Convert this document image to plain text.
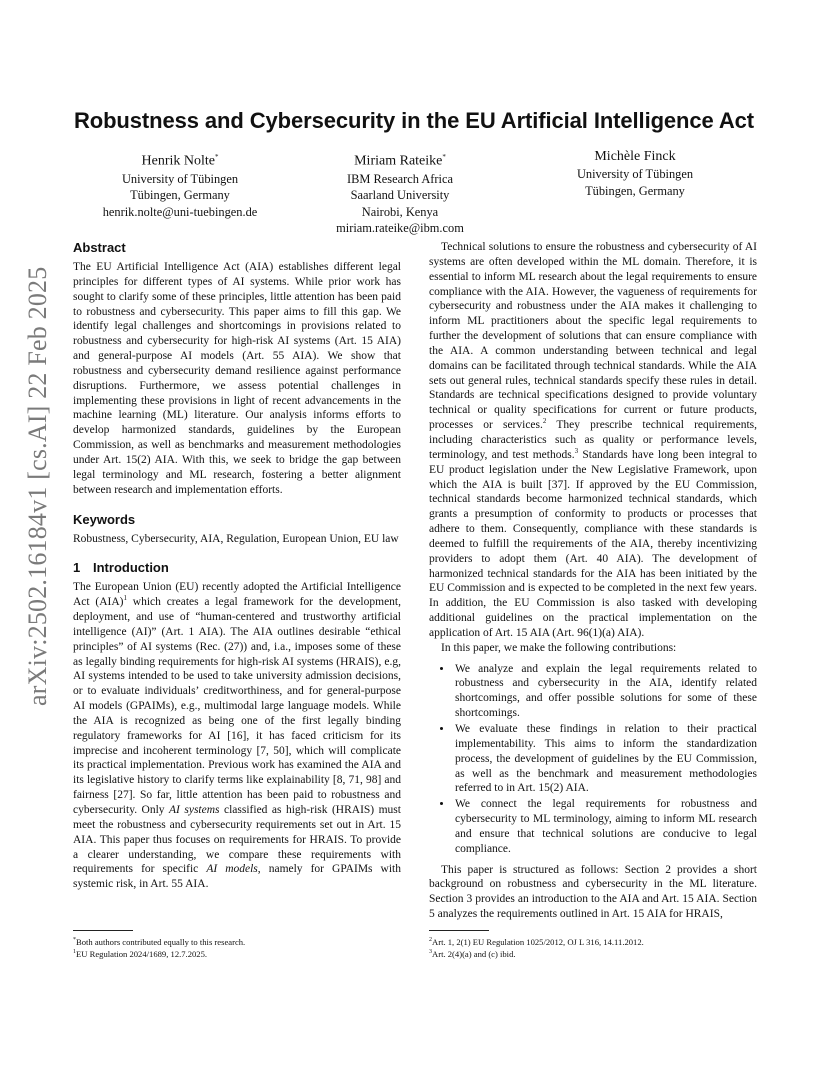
arXiv:2502.16184v1 [cs.AI] 22 Feb 2025
Robustness and Cybersecurity in the EU Artificial Intelligence Act
Henrik Nolte*
University of Tübingen
Tübingen, Germany
henrik.nolte@uni-tuebingen.de
Miriam Rateike*
IBM Research Africa
Saarland University
Nairobi, Kenya
miriam.rateike@ibm.com
Michèle Finck
University of Tübingen
Tübingen, Germany
Abstract

The EU Artificial Intelligence Act (AIA) establishes different legal principles for different types of AI systems. While prior work has sought to clarify some of these principles, little attention has been paid to robustness and cybersecurity. This paper aims to fill this gap. We identify legal challenges and shortcomings in provisions related to robustness and cybersecurity for high-risk AI systems (Art. 15 AIA) and general-purpose AI models (Art. 55 AIA). We show that robustness and cybersecurity demand resilience against performance disruptions. Furthermore, we assess potential challenges in implementing these provisions in light of recent advancements in the machine learning (ML) literature. Our analysis informs efforts to develop harmonized standards, guidelines by the European Commission, as well as benchmarks and measurement methodologies under Art. 15(2) AIA. With this, we seek to bridge the gap between legal terminology and ML research, fostering a better alignment between research and implementation efforts.

Keywords

Robustness, Cybersecurity, AIA, Regulation, European Union, EU law

1 Introduction

The European Union (EU) recently adopted the Artificial Intelligence Act (AIA)$^1$ which creates a legal framework for the development, deployment, and use of “human-centered and trustworthy artificial intelligence (AI)” (Art. 1 AIA). The AIA outlines desirable “ethical principles” of AI systems (Rec. (27)) and, i.a., imposes some of these as legally binding requirements for high-risk AI systems (HRAIS), e.g, AI systems intended to be used to take university admission decisions, or to evaluate individuals’ creditworthiness, and for general-purpose AI models (GPAIMs), e.g., multimodal large language models. While the AIA is recognized as being one of the first legally binding regulatory frameworks for AI [16], it has faced criticism for its imprecise and incoherent terminology [7, 50], which will complicate its practical implementation. Previous work has examined the AIA and its legislative history to clarify terms like explainability [8, 71, 98] and fairness [27]. So far, little attention has been paid to robustness and cybersecurity. Only AI systems classified as high-risk (HRAIS) must meet the robustness and cybersecurity requirements set out in Art. 15 AIA. This paper thus focuses on requirements for HRAIS. To provide a clearer understanding, we compare these requirements with requirements for specific AI models, namely for GPAIMs with systemic risk, in Art. 55 AIA.

Technical solutions to ensure the robustness and cybersecurity of AI systems are often developed within the ML domain. Therefore, it is essential to inform ML research about the legal requirements to ensure compliance with the AIA. However, the vagueness of requirements for cybersecurity and robustness under the AIA makes it challenging to inform ML practitioners about the specific legal requirements to further the development of solutions that can ensure compliance with the AIA. A common understanding between technical and legal domains can be facilitated through technical standards. While the AIA sets out general rules, technical standards specify these rules in detail. Standards are technical specifications designed to provide voluntary technical or quality specifications for current or future products, processes or services.$^2$ They prescribe technical requirements, including characteristics such as quality or performance levels, terminology, and test methods.$^3$ Standards have long been integral to EU product legislation under the New Legislative Framework, upon which the AIA is built [37]. If approved by the EU Commission, technical standards become harmonized technical standards, which grants a presumption of conformity to products or processes that adhere to them. Consequently, compliance with these standards is deemed to fulfill the requirements of the AIA, thereby incentivizing providers to adopt them (Art. 40 AIA). The development of harmonized technical standards for the AIA has been initiated by the EU Commission and is expected to be completed in the next few years. In addition, the EU Commission is also tasked with developing additional guidelines on the practical implementation on the application of Art. 15 AIA (Art. 96(1)(a) AIA).

In this paper, we make the following contributions:

• We analyze and explain the legal requirements related to robustness and cybersecurity in the AIA, identify related shortcomings, and offer possible solutions for some of these shortcomings.
• We evaluate these findings in relation to their practical implementability. This aims to inform the standardization process, the development of guidelines by the EU Commission, as well as the benchmark and measurement methodologies referred to in Art. 15(2) AIA.
• We connect the legal requirements for robustness and cybersecurity to ML terminology, aiming to inform ML research and ensure that technical solutions are conducive to legal compliance.

This paper is structured as follows: Section 2 provides a short background on robustness and cybersecurity in the ML literature. Section 3 provides an introduction to the AIA and Art. 15 AIA. Section 5 analyzes the requirements outlined in Art. 15 AIA for HRAIS,

*Both authors contributed equally to this research.
$^1$EU Regulation 2024/1689, 12.7.2025.
$^2$Art. 1, 2(1) EU Regulation 1025/2012, OJ L 316, 14.11.2012.
$^3$Art. 2(4)(a) and (c) ibid.
